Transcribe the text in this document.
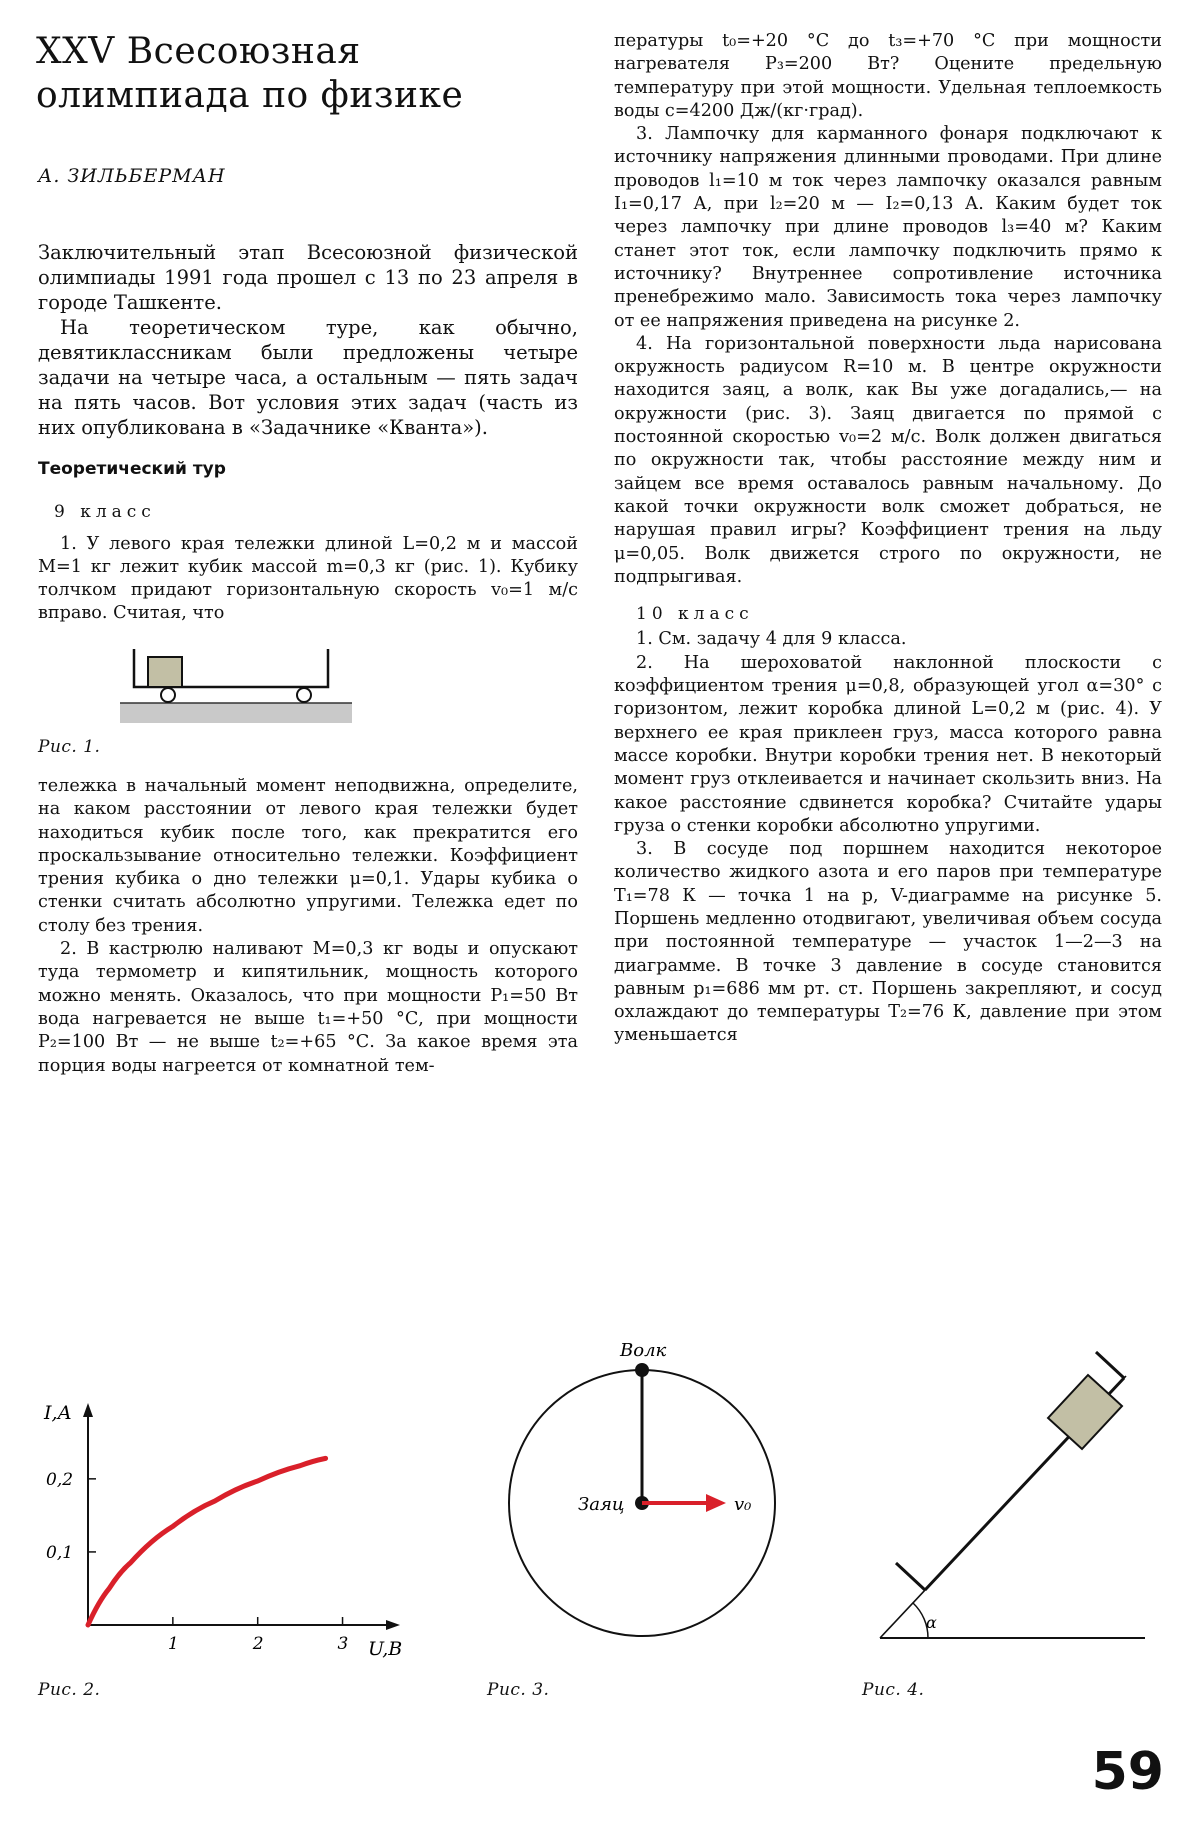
XXV Всесоюзная олимпиада по физике
А. ЗИЛЬБЕРМАН

Заключительный этап Всесоюзной физической олимпиады 1991 года прошел с 13 по 23 апреля в городе Ташкенте.

На теоретическом туре, как обычно, девятиклассникам были предложены четыре задачи на четыре часа, а остальным — пять задач на пять часов. Вот условия этих задач (часть из них опубликована в «Задачнике «Кванта»).

Теоретический тур

9 класс

1. У левого края тележки длиной L=0,2 м и массой M=1 кг лежит кубик массой m=0,3 кг (рис. 1). Кубику толчком придают горизонтальную скорость v₀=1 м/с вправо. Считая, что

Рис. 1.

тележка в начальный момент неподвижна, определите, на каком расстоянии от левого края тележки будет находиться кубик после того, как прекратится его проскальзывание относительно тележки. Коэффициент трения кубика о дно тележки μ=0,1. Удары кубика о стенки считать абсолютно упругими. Тележка едет по столу без трения.

2. В кастрюлю наливают M=0,3 кг воды и опускают туда термометр и кипятильник, мощность которого можно менять. Оказалось, что при мощности P₁=50 Вт вода нагревается не выше t₁=+50 °С, при мощности P₂=100 Вт — не выше t₂=+65 °С. За какое время эта порция воды нагреется от комнатной тем-

пературы t₀=+20 °С до t₃=+70 °С при мощности нагревателя P₃=200 Вт? Оцените предельную температуру при этой мощности. Удельная теплоемкость воды c=4200 Дж/(кг·град).

3. Лампочку для карманного фонаря подключают к источнику напряжения длинными проводами. При длине проводов l₁=10 м ток через лампочку оказался равным I₁=0,17 А, при l₂=20 м — I₂=0,13 А. Каким будет ток через лампочку при длине проводов l₃=40 м? Каким станет этот ток, если лампочку подключить прямо к источнику? Внутреннее сопротивление источника пренебрежимо мало. Зависимость тока через лампочку от ее напряжения приведена на рисунке 2.

4. На горизонтальной поверхности льда нарисована окружность радиусом R=10 м. В центре окружности находится заяц, а волк, как Вы уже догадались,— на окружности (рис. 3). Заяц двигается по прямой с постоянной скоростью v₀=2 м/с. Волк должен двигаться по окружности так, чтобы расстояние между ним и зайцем все время оставалось равным начальному. До какой точки окружности волк сможет добраться, не нарушая правил игры? Коэффициент трения на льду μ=0,05. Волк движется строго по окружности, не подпрыгивая.

10 класс

1. См. задачу 4 для 9 класса.

2. На шероховатой наклонной плоскости с коэффициентом трения μ=0,8, образующей угол α=30° с горизонтом, лежит коробка длиной L=0,2 м (рис. 4). У верхнего ее края приклеен груз, масса которого равна массе коробки. Внутри коробки трения нет. В некоторый момент груз отклеивается и начинает скользить вниз. На какое расстояние сдвинется коробка? Считайте удары груза о стенки коробки абсолютно упругими.

3. В сосуде под поршнем находится некоторое количество жидкого азота и его паров при температуре T₁=78 К — точка 1 на p, V-диаграмме на рисунке 5. Поршень медленно отодвигают, увеличивая объем сосуда при постоянной температуре — участок 1—2—3 на диаграмме. В точке 3 давление в сосуде становится равным p₁=686 мм рт. ст. Поршень закрепляют, и сосуд охлаждают до температуры T₂=76 К, давление при этом уменьшается

I,А
U,В
1	2	3
0,1
0,2
Рис. 2.
Волк
Заяц	v₀
Рис. 3.
α
Рис. 4.
59
